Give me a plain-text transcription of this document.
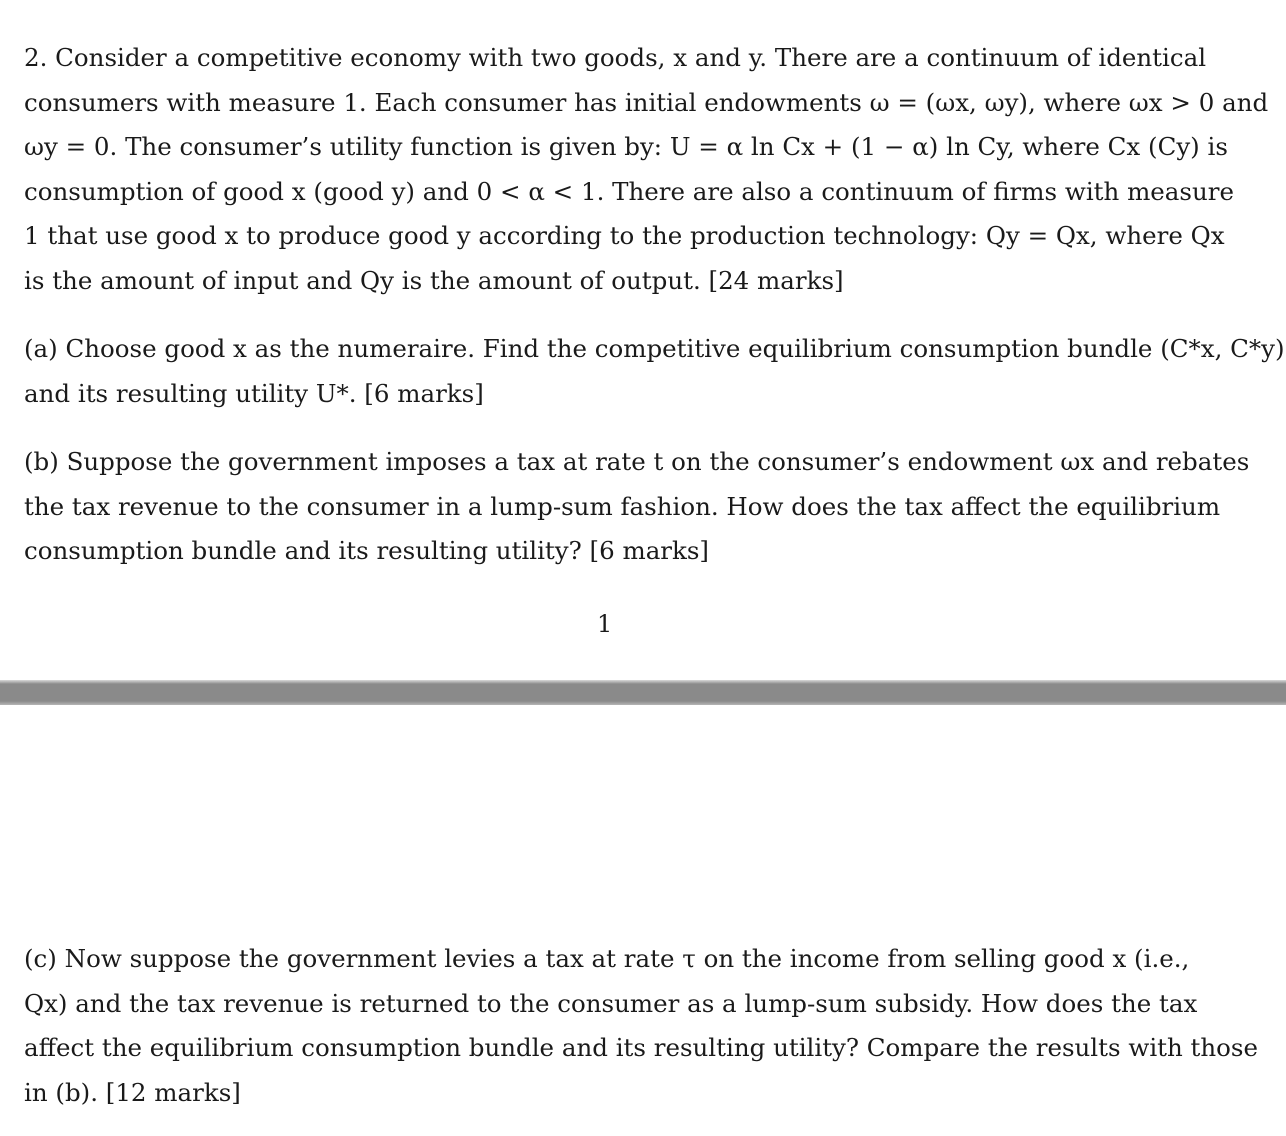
2. Consider a competitive economy with two goods, x and y. There are a continuum of identical
consumers with measure 1. Each consumer has initial endowments ω = (ωx, ωy), where ωx > 0 and
ωy = 0. The consumer’s utility function is given by: U = α ln Cx + (1 − α) ln Cy, where Cx (Cy) is
consumption of good x (good y) and 0 < α < 1. There are also a continuum of firms with measure
1 that use good x to produce good y according to the production technology: Qy = Qx, where Qx
is the amount of input and Qy is the amount of output. [24 marks]
(a) Choose good x as the numeraire. Find the competitive equilibrium consumption bundle (C*x, C*y)
and its resulting utility U*. [6 marks]
(b) Suppose the government imposes a tax at rate t on the consumer’s endowment ωx and rebates
the tax revenue to the consumer in a lump-sum fashion. How does the tax affect the equilibrium
consumption bundle and its resulting utility? [6 marks]
1
(c) Now suppose the government levies a tax at rate τ on the income from selling good x (i.e.,
Qx) and the tax revenue is returned to the consumer as a lump-sum subsidy. How does the tax
affect the equilibrium consumption bundle and its resulting utility? Compare the results with those
in (b). [12 marks]
